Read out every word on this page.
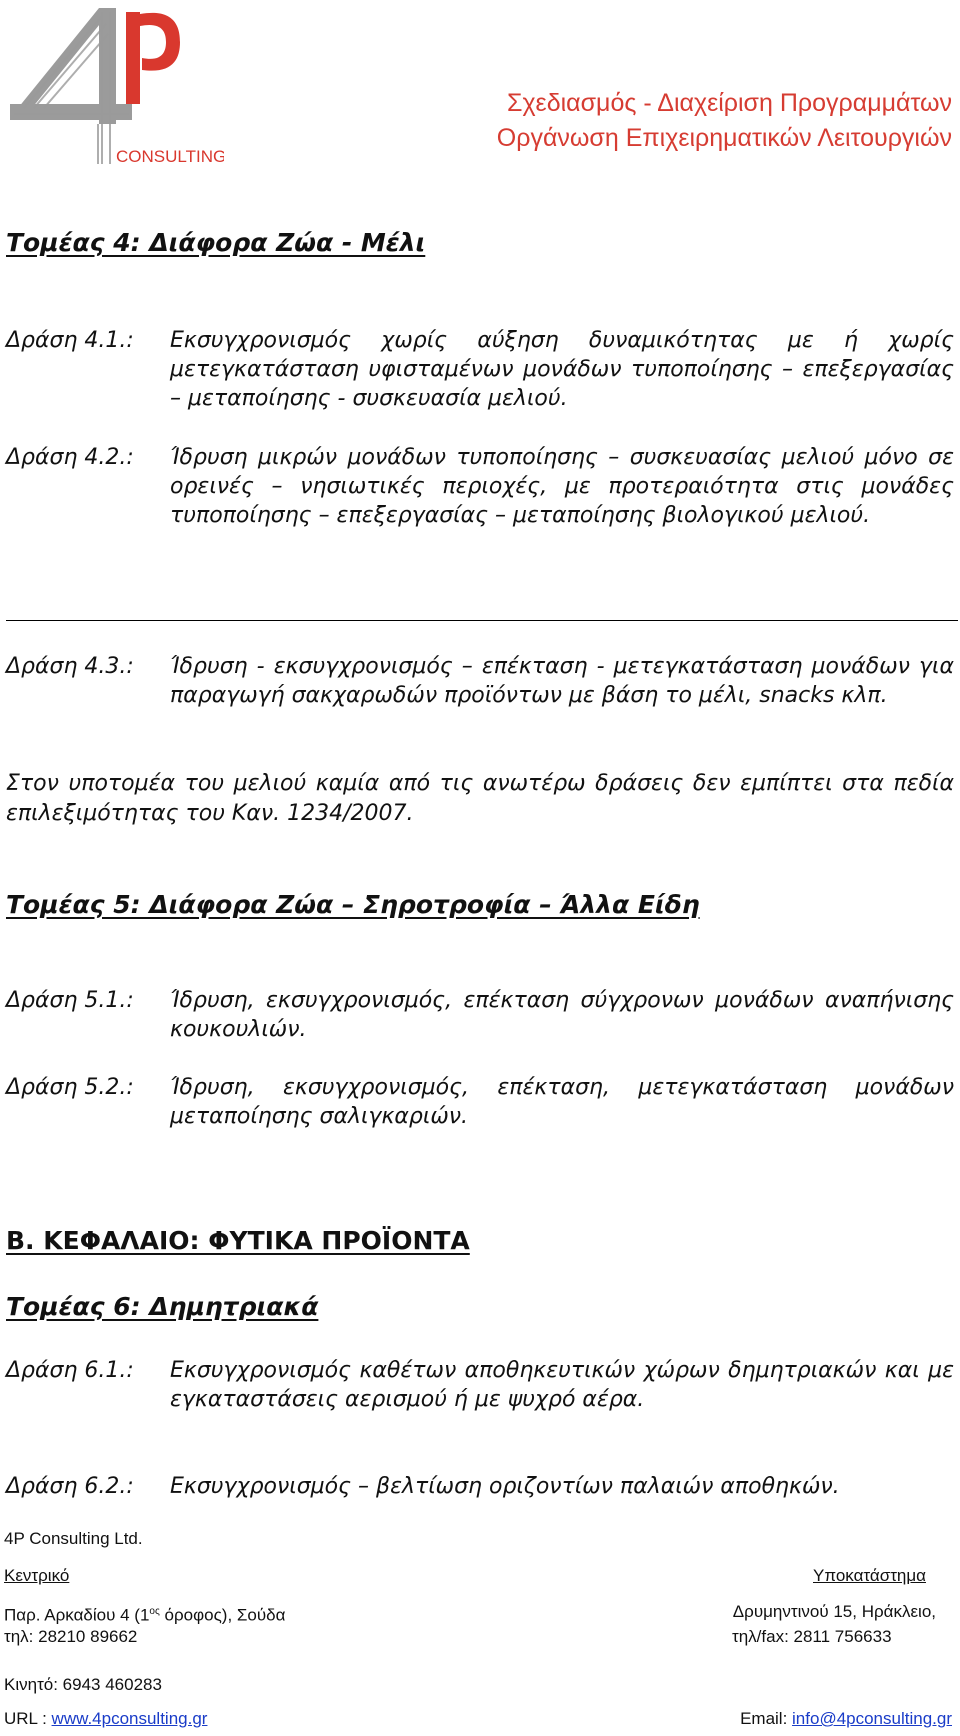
CONSULTING
Σχεδιασμός - Διαχείριση Προγραμμάτων
Οργάνωση Επιχειρηματικών Λειτουργιών
Τομέας 4: Διάφορα Ζώα - Μέλι
Δράση 4.1.: Εκσυγχρονισμός χωρίς αύξηση δυναμικότητας με ή χωρίς μετεγκατάσταση υφισταμένων μονάδων τυποποίησης – επεξεργασίας – μεταποίησης - συσκευασία μελιού.
Δράση 4.2.: Ίδρυση μικρών μονάδων τυποποίησης – συσκευασίας μελιού μόνο σε ορεινές – νησιωτικές περιοχές, με προτεραιότητα στις μονάδες τυποποίησης – επεξεργασίας – μεταποίησης βιολογικού μελιού.
Δράση 4.3.: Ίδρυση - εκσυγχρονισμός – επέκταση - μετεγκατάσταση μονάδων για παραγωγή σακχαρωδών προϊόντων με βάση το μέλι, snacks κλπ.
Στον υποτομέα του μελιού καμία από τις ανωτέρω δράσεις δεν εμπίπτει στα πεδία επιλεξιμότητας του Καν. 1234/2007.
Τομέας 5: Διάφορα Ζώα – Σηροτροφία – Άλλα Είδη
Δράση 5.1.: Ίδρυση, εκσυγχρονισμός, επέκταση σύγχρονων μονάδων αναπήνισης κουκουλιών.
Δράση 5.2.: Ίδρυση, εκσυγχρονισμός, επέκταση, μετεγκατάσταση μονάδων μεταποίησης σαλιγκαριών.
Β. ΚΕΦΑΛΑΙΟ: ΦΥΤΙΚΑ ΠΡΟΪΟΝΤΑ
Τομέας 6: Δημητριακά
Δράση 6.1.: Εκσυγχρονισμός καθέτων αποθηκευτικών χώρων δημητριακών και με εγκαταστάσεις αερισμού ή με ψυχρό αέρα.
Δράση 6.2.: Εκσυγχρονισμός – βελτίωση οριζοντίων παλαιών αποθηκών.
4P Consulting Ltd.
Κεντρικό	Υποκατάστημα
Παρ. Αρκαδίου 4 ($1^{o\varsigma}$ όροφος), Σούδα	Δρυμηντινού 15, Ηράκλειο,
τηλ: 28210 89662	τηλ/fax: 2811 756633
Κινητό: 6943 460283
URL : www.4pconsulting.gr	Email: info@4pconsulting.gr
